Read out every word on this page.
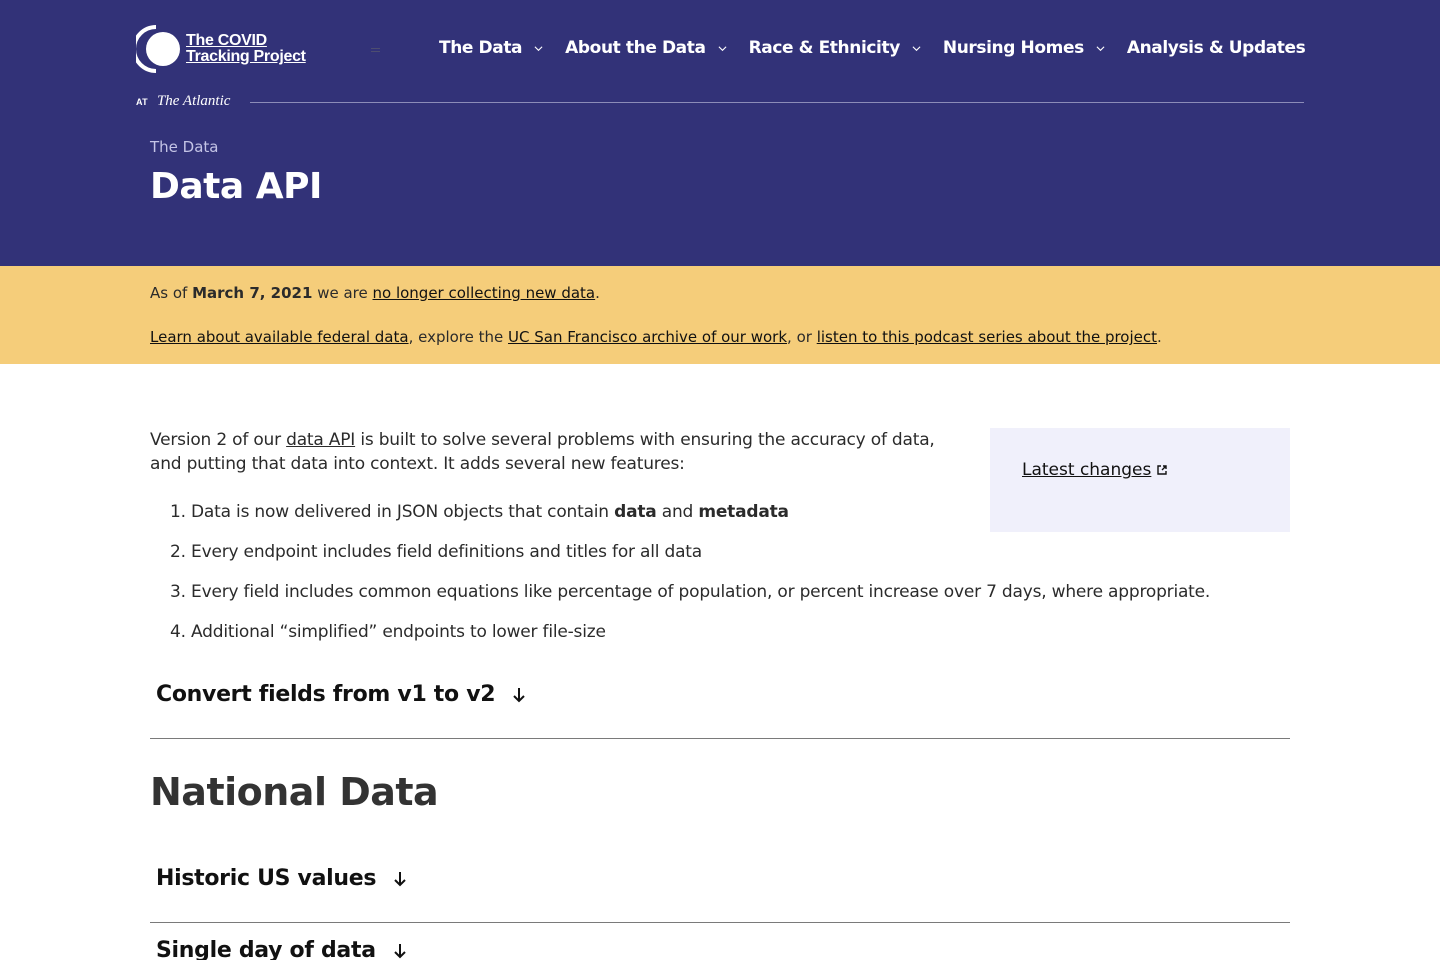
The COVID
Tracking Project
AT The Atlantic
The Data	About the Data	Race & Ethnicity	Nursing Homes	Analysis & Updates
The Data
Data API

As of March 7, 2021 we are no longer collecting new data.

Learn about available federal data, explore the UC San Francisco archive of our work, or listen to this podcast series about the project.

Version 2 of our data API is built to solve several problems with ensuring the accuracy of data, and putting that data into context. It adds several new features:	Latest changes
1. Data is now delivered in JSON objects that contain data and metadata
2. Every endpoint includes field definitions and titles for all data
3. Every field includes common equations like percentage of population, or percent increase over 7 days, where appropriate.
4. Additional “simplified” endpoints to lower file-size
Convert fields from v1 to v2
National Data
Historic US values
Single day of data
